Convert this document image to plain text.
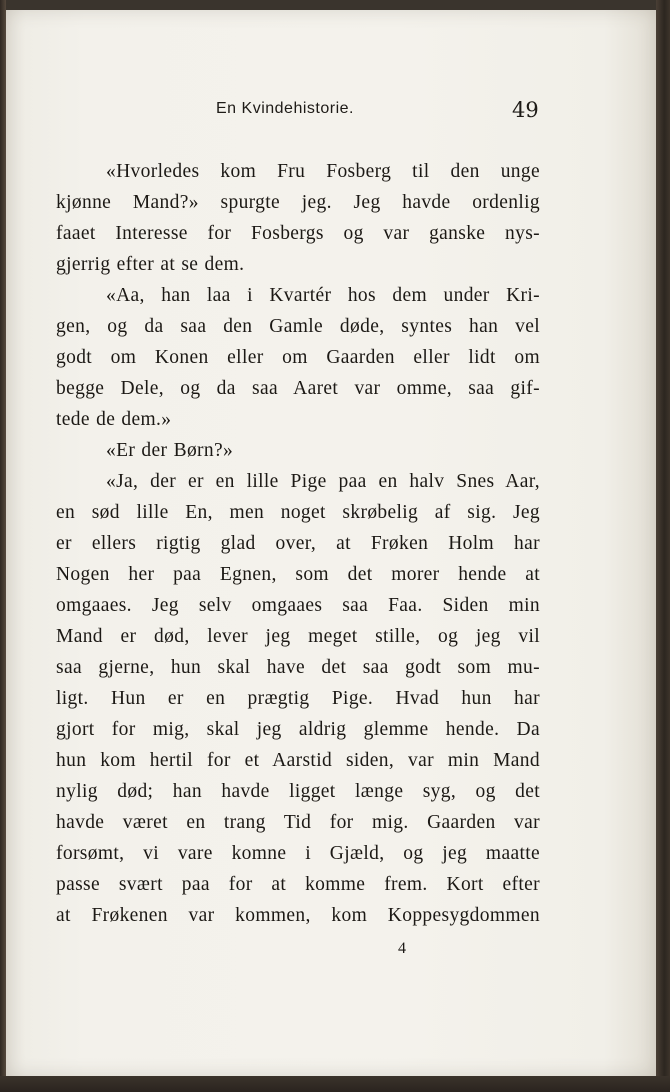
En Kvindehistorie.	49
«Hvorledes kom Fru Fosberg til den unge
kjønne Mand?» spurgte jeg. Jeg havde ordenlig
faaet Interesse for Fosbergs og var ganske nys-
gjerrig efter at se dem.
«Aa, han laa i Kvartér hos dem under Kri-
gen, og da saa den Gamle døde, syntes han vel
godt om Konen eller om Gaarden eller lidt om
begge Dele, og da saa Aaret var omme, saa gif-
tede de dem.»
«Er der Børn?»
«Ja, der er en lille Pige paa en halv Snes Aar,
en sød lille En, men noget skrøbelig af sig. Jeg
er ellers rigtig glad over, at Frøken Holm har
Nogen her paa Egnen, som det morer hende at
omgaaes. Jeg selv omgaaes saa Faa. Siden min
Mand er død, lever jeg meget stille, og jeg vil
saa gjerne, hun skal have det saa godt som mu-
ligt. Hun er en prægtig Pige. Hvad hun har
gjort for mig, skal jeg aldrig glemme hende. Da
hun kom hertil for et Aarstid siden, var min Mand
nylig død; han havde ligget længe syg, og det
havde været en trang Tid for mig. Gaarden var
forsømt, vi vare komne i Gjæld, og jeg maatte
passe svært paa for at komme frem. Kort efter
at Frøkenen var kommen, kom Koppesygdommen
4
